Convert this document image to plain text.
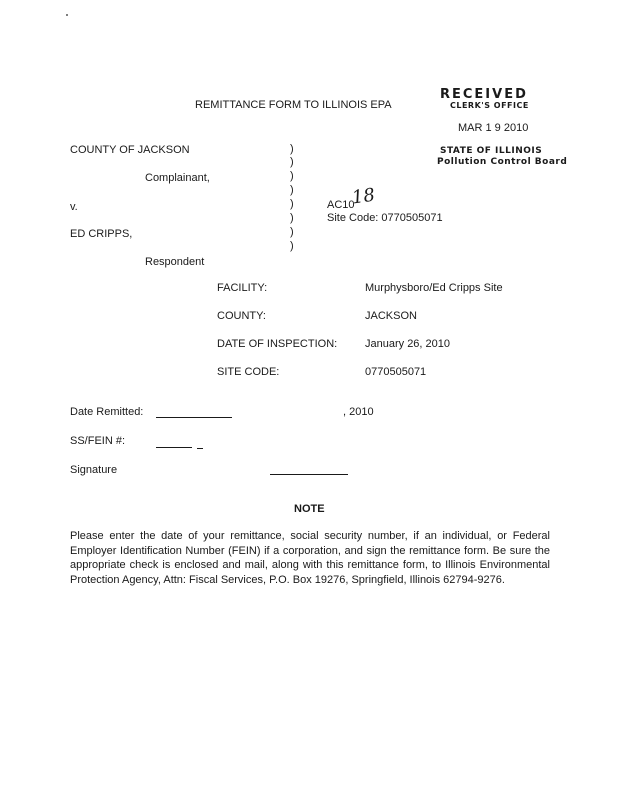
REMITTANCE FORM TO ILLINOIS EPA
RECEIVED
CLERK'S OFFICE
MAR 1 9 2010
STATE OF ILLINOIS
Pollution Control Board
COUNTY OF JACKSON
Complainant,
v.
ED CRIPPS,
Respondent
)
)
)
)
)
)
)
)
AC10
18
Site Code: 0770505071
FACILITY:	Murphysboro/Ed Cripps Site
COUNTY:	JACKSON
DATE OF INSPECTION:	January 26, 2010
SITE CODE:	0770505071
Date Remitted:	, 2010
SS/FEIN #:
Signature
NOTE
Please enter the date of your remittance, social security number, if an individual, or Federal Employer Identification Number (FEIN) if a corporation, and sign the remittance form. Be sure the appropriate check is enclosed and mail, along with this remittance form, to Illinois Environmental Protection Agency, Attn: Fiscal Services, P.O. Box 19276, Springfield, Illinois 62794-9276.
